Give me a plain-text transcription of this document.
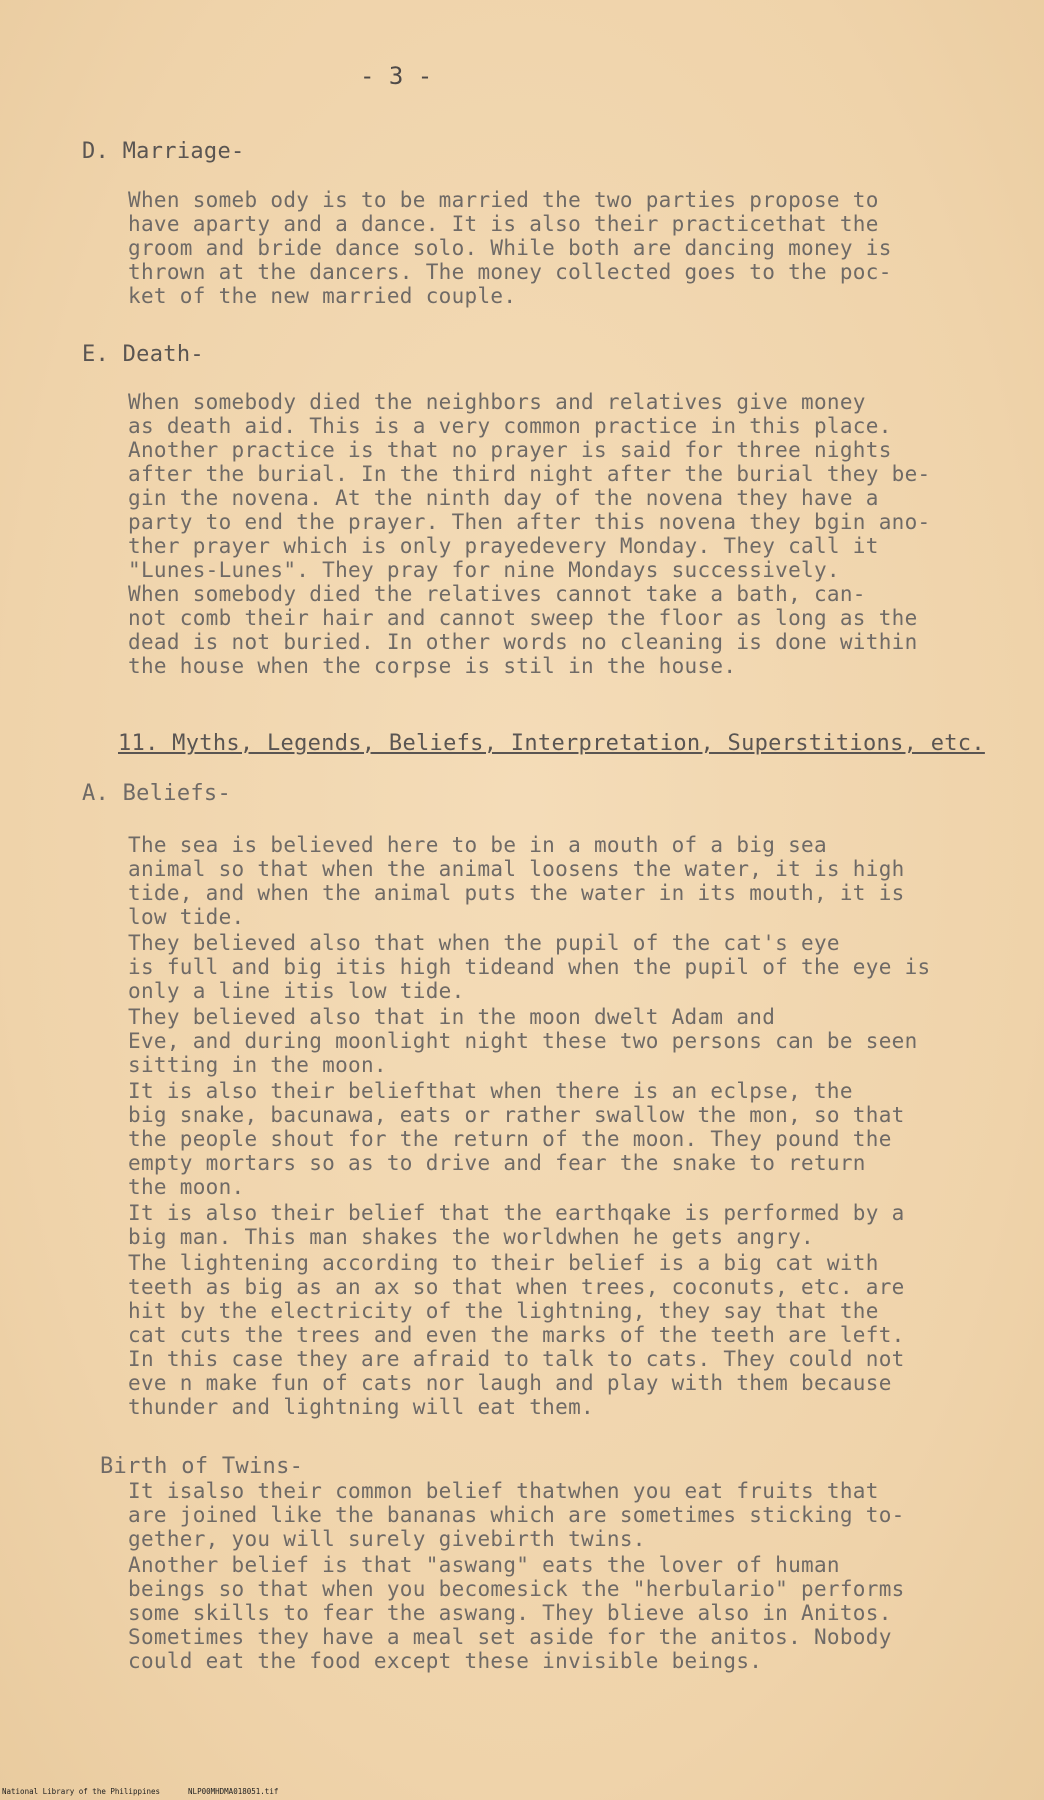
- 3 -
D. Marriage-
When someb ody is to be married the two parties propose to
have aparty and a dance. It is also their practicethat the
groom and bride dance solo. While both are dancing money is
thrown at the dancers. The money collected goes to the poc-
ket of the new married couple.
E. Death-
When somebody died the neighbors and relatives give money
as death aid. This is a very common practice in this place.
Another practice is that no prayer is said for three nights
after the burial. In the third night after the burial they be-
gin the novena. At the ninth day of the novena they have a
party to end the prayer. Then after this novena they bgin ano-
ther prayer which is only prayedevery Monday. They call it
"Lunes-Lunes". They pray for nine Mondays successively.
When somebody died the relatives cannot take a bath, can-
not comb their hair and cannot sweep the floor as long as the
dead is not buried. In other words no cleaning is done within
the house when the corpse is stil in the house.
11. Myths, Legends, Beliefs, Interpretation, Superstitions, etc.
A. Beliefs-
The sea is believed here to be in a mouth of a big sea
animal so that when the animal loosens the water, it is high
tide, and when the animal puts the water in its mouth, it is
low tide.
They believed also that when the pupil of the cat's eye
is full and big itis high tideand when the pupil of the eye is
only a line itis low tide.
They believed also that in the moon dwelt Adam and
Eve, and during moonlight night these two persons can be seen
sitting in the moon.
It is also their beliefthat when there is an eclpse, the
big snake, bacunawa, eats or rather swallow the mon, so that
the people shout for the return of the moon. They pound the
empty mortars so as to drive and fear the snake to return
the moon.
It is also their belief that the earthqake is performed by a
big man. This man shakes the worldwhen he gets angry.
The lightening according to their belief is a big cat with
teeth as big as an ax so that when trees, coconuts, etc. are
hit by the electricity of the lightning, they say that the
cat cuts the trees and even the marks of the teeth are left.
In this case they are afraid to talk to cats. They could not
eve n make fun of cats nor laugh and play with them because
thunder and lightning will eat them.
Birth of Twins-
It isalso their common belief thatwhen you eat fruits that
are joined like the bananas which are sometimes sticking to-
gether, you will surely givebirth twins.
Another belief is that "aswang" eats the lover of human
beings so that when you becomesick the "herbulario" performs
some skills to fear the aswang. They blieve also in Anitos.
Sometimes they have a meal set aside for the anitos. Nobody
could eat the food except these invisible beings.
National Library of the Philippines	NLP00MHDMA018051.tif
